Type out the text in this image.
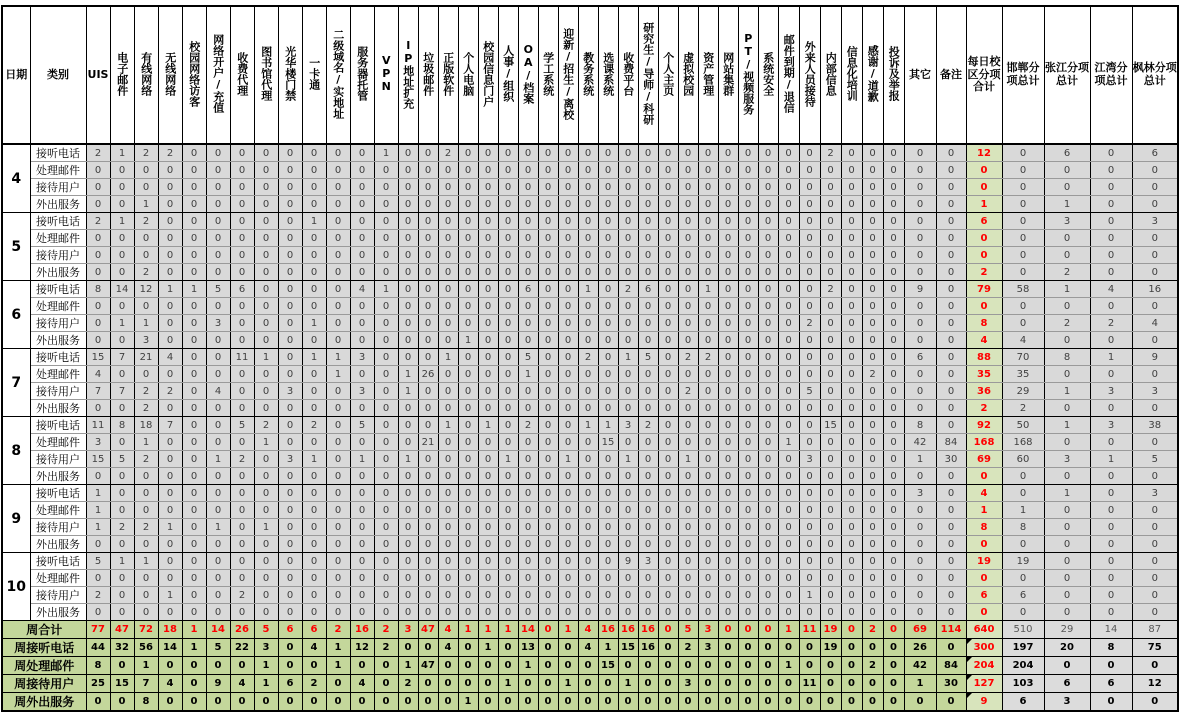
日期	类别	UIS	电子邮件	有线网络	无线网络	校园网络访客	网络开户/充值	收费代理	图书馆代理	光华楼门禁	一卡通	二级域名/实地址	服务器托管	VPN	IP地址扩充	垃圾邮件	正版软件	个人电脑	校园信息门户	人事/组织	OA/档案	学工系统	迎新/招生/离校	教务系统	选课系统	收费平台	研究生/导师/科研	个人主页	虚拟校园	资产管理	网站集群	PT/视频服务	系统安全	邮件到期/退信	外来人员接待	内部信息	信息化培训	感谢/道歉	投诉及举报	其它	备注	每日校区分项合计	邯郸分项总计	张江分项总计	江湾分项总计	枫林分项总计

4	接听电话	2	1	2	2	0	0	0	0	0	0	0	0	1	0	0	2	0	0	0	0	0	0	0	0	0	0	0	0	0	0	0	0	0	0	2	0	0	0	0	0	12	0	6	0	6
	处理邮件	0	0	0	0	0	0	0	0	0	0	0	0	0	0	0	0	0	0	0	0	0	0	0	0	0	0	0	0	0	0	0	0	0	0	0	0	0	0	0	0	0	0	0	0	0
	接待用户	0	0	0	0	0	0	0	0	0	0	0	0	0	0	0	0	0	0	0	0	0	0	0	0	0	0	0	0	0	0	0	0	0	0	0	0	0	0	0	0	0	0	0	0	0
	外出服务	0	0	1	0	0	0	0	0	0	0	0	0	0	0	0	0	0	0	0	0	0	0	0	0	0	0	0	0	0	0	0	0	0	0	0	0	0	0	0	0	1	0	1	0	0
5	接听电话	2	1	2	0	0	0	0	0	0	1	0	0	0	0	0	0	0	0	0	0	0	0	0	0	0	0	0	0	0	0	0	0	0	0	0	0	0	0	0	0	6	0	3	0	3
	处理邮件	0	0	0	0	0	0	0	0	0	0	0	0	0	0	0	0	0	0	0	0	0	0	0	0	0	0	0	0	0	0	0	0	0	0	0	0	0	0	0	0	0	0	0	0	0
	接待用户	0	0	0	0	0	0	0	0	0	0	0	0	0	0	0	0	0	0	0	0	0	0	0	0	0	0	0	0	0	0	0	0	0	0	0	0	0	0	0	0	0	0	0	0	0
	外出服务	0	0	2	0	0	0	0	0	0	0	0	0	0	0	0	0	0	0	0	0	0	0	0	0	0	0	0	0	0	0	0	0	0	0	0	0	0	0	0	0	2	0	2	0	0
6	接听电话	8	14	12	1	1	5	6	0	0	0	0	4	1	0	0	0	0	0	0	6	0	0	1	0	2	6	0	0	1	0	0	0	0	0	2	0	0	0	9	0	79	58	1	4	16
	处理邮件	0	0	0	0	0	0	0	0	0	0	0	0	0	0	0	0	0	0	0	0	0	0	0	0	0	0	0	0	0	0	0	0	0	0	0	0	0	0	0	0	0	0	0	0	0
	接待用户	0	1	1	0	0	3	0	0	0	1	0	0	0	0	0	0	0	0	0	0	0	0	0	0	0	0	0	0	0	0	0	0	0	2	0	0	0	0	0	0	8	0	2	2	4
	外出服务	0	0	3	0	0	0	0	0	0	0	0	0	0	0	0	0	1	0	0	0	0	0	0	0	0	0	0	0	0	0	0	0	0	0	0	0	0	0	0	0	4	4	0	0	0
7	接听电话	15	7	21	4	0	0	11	1	0	1	1	3	0	0	0	1	0	0	0	5	0	0	2	0	1	5	0	2	2	0	0	0	0	0	0	0	0	0	6	0	88	70	8	1	9
	处理邮件	4	0	0	0	0	0	0	0	0	0	1	0	0	1	26	0	0	0	0	1	0	0	0	0	0	0	0	0	0	0	0	0	0	0	0	0	2	0	0	0	35	35	0	0	0
	接待用户	7	7	2	2	0	4	0	0	3	0	0	3	0	1	0	0	0	0	0	0	0	0	0	0	0	0	0	2	0	0	0	0	0	5	0	0	0	0	0	0	36	29	1	3	3
	外出服务	0	0	2	0	0	0	0	0	0	0	0	0	0	0	0	0	0	0	0	0	0	0	0	0	0	0	0	0	0	0	0	0	0	0	0	0	0	0	0	0	2	2	0	0	0
8	接听电话	11	8	18	7	0	0	5	2	0	2	0	5	0	0	0	1	0	1	0	2	0	0	1	1	3	2	0	0	0	0	0	0	0	0	15	0	0	0	8	0	92	50	1	3	38
	处理邮件	3	0	1	0	0	0	0	1	0	0	0	0	0	0	21	0	0	0	0	0	0	0	0	15	0	0	0	0	0	0	0	0	1	0	0	0	0	0	42	84	168	168	0	0	0
	接待用户	15	5	2	0	0	1	2	0	3	1	0	1	0	1	0	0	0	0	1	0	0	1	0	0	1	0	0	1	0	0	0	0	0	3	0	0	0	0	1	30	69	60	3	1	5
	外出服务	0	0	0	0	0	0	0	0	0	0	0	0	0	0	0	0	0	0	0	0	0	0	0	0	0	0	0	0	0	0	0	0	0	0	0	0	0	0	0	0	0	0	0	0	0
9	接听电话	1	0	0	0	0	0	0	0	0	0	0	0	0	0	0	0	0	0	0	0	0	0	0	0	0	0	0	0	0	0	0	0	0	0	0	0	0	0	3	0	4	0	1	0	3
	处理邮件	1	0	0	0	0	0	0	0	0	0	0	0	0	0	0	0	0	0	0	0	0	0	0	0	0	0	0	0	0	0	0	0	0	0	0	0	0	0	0	0	1	1	0	0	0
	接待用户	1	2	2	1	0	1	0	1	0	0	0	0	0	0	0	0	0	0	0	0	0	0	0	0	0	0	0	0	0	0	0	0	0	0	0	0	0	0	0	0	8	8	0	0	0
	外出服务	0	0	0	0	0	0	0	0	0	0	0	0	0	0	0	0	0	0	0	0	0	0	0	0	0	0	0	0	0	0	0	0	0	0	0	0	0	0	0	0	0	0	0	0	0
10	接听电话	5	1	1	0	0	0	0	0	0	0	0	0	0	0	0	0	0	0	0	0	0	0	0	0	9	3	0	0	0	0	0	0	0	0	0	0	0	0	0	0	19	19	0	0	0
	处理邮件	0	0	0	0	0	0	0	0	0	0	0	0	0	0	0	0	0	0	0	0	0	0	0	0	0	0	0	0	0	0	0	0	0	0	0	0	0	0	0	0	0	0	0	0	0
	接待用户	2	0	0	1	0	0	2	0	0	0	0	0	0	0	0	0	0	0	0	0	0	0	0	0	0	0	0	0	0	0	0	0	0	1	0	0	0	0	0	0	6	6	0	0	0
	外出服务	0	0	0	0	0	0	0	0	0	0	0	0	0	0	0	0	0	0	0	0	0	0	0	0	0	0	0	0	0	0	0	0	0	0	0	0	0	0	0	0	0	0	0	0	0
周合计		77	47	72	18	1	14	26	5	6	6	2	16	2	3	47	4	1	1	1	14	0	1	4	16	16	16	0	5	3	0	0	0	1	11	19	0	2	0	69	114	640	510	29	14	87
周接听电话		44	32	56	14	1	5	22	3	0	4	1	12	2	0	0	4	0	1	0	13	0	0	4	1	15	16	0	2	3	0	0	0	0	0	19	0	0	0	26	0	300	197	20	8	75
周处理邮件		8	0	1	0	0	0	0	1	0	0	1	0	0	1	47	0	0	0	0	1	0	0	0	15	0	0	0	0	0	0	0	0	1	0	0	0	2	0	42	84	204	204	0	0	0
周接待用户		25	15	7	4	0	9	4	1	6	2	0	4	0	2	0	0	0	0	1	0	0	1	0	0	1	0	0	3	0	0	0	0	0	11	0	0	0	0	1	30	127	103	6	6	12
周外出服务		0	0	8	0	0	0	0	0	0	0	0	0	0	0	0	0	1	0	0	0	0	0	0	0	0	0	0	0	0	0	0	0	0	0	0	0	0	0	0	0	9	6	3	0	0
